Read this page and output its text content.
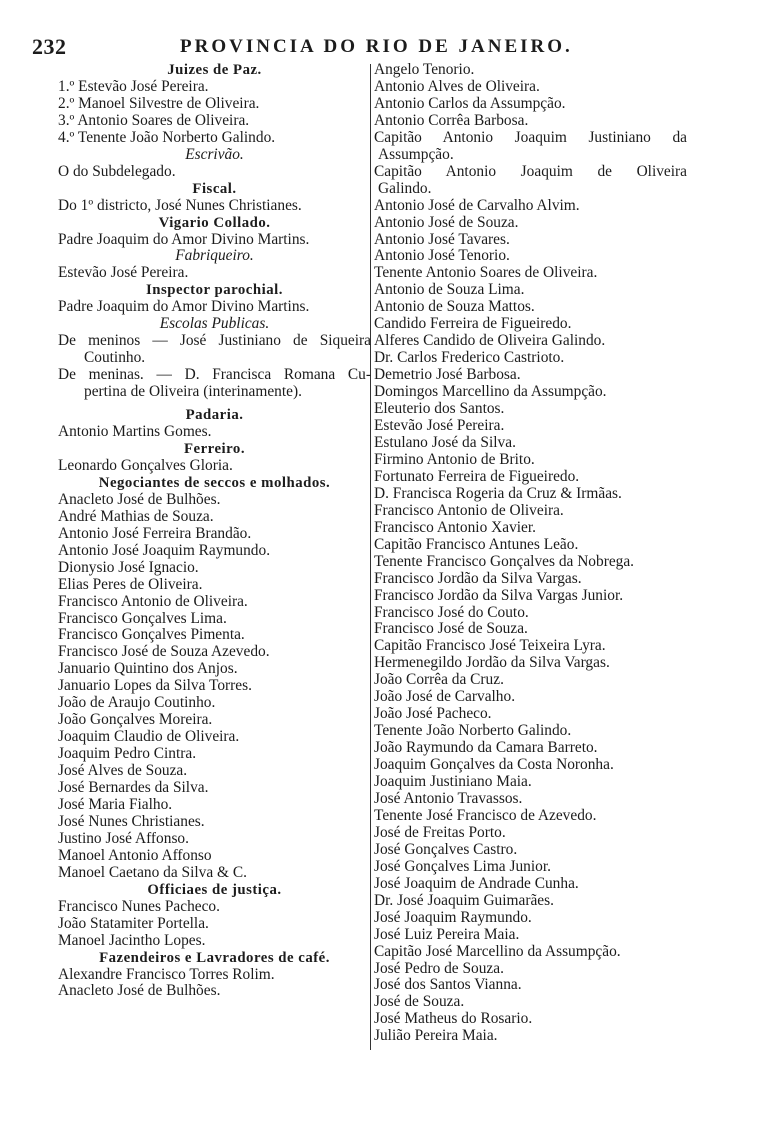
232	PROVINCIA DO RIO DE JANEIRO.
Juizes de Paz.
1.º Estevão José Pereira.
2.º Manoel Silvestre de Oliveira.
3.º Antonio Soares de Oliveira.
4.º Tenente João Norberto Galindo.
Escrivão.
O do Subdelegado.
Fiscal.
Do 1º districto, José Nunes Christianes.
Vigario Collado.
Padre Joaquim do Amor Divino Martins.
Fabriqueiro.
Estevão José Pereira.
Inspector parochial.
Padre Joaquim do Amor Divino Martins.
Escolas Publicas.
De meninos — José Justiniano de Siqueira
Coutinho.
De meninas. — D. Francisca Romana Cu-
pertina de Oliveira (interinamente).
Padaria.
Antonio Martins Gomes.
Ferreiro.
Leonardo Gonçalves Gloria.
Negociantes de seccos e molhados.
Anacleto José de Bulhões.
André Mathias de Souza.
Antonio José Ferreira Brandão.
Antonio José Joaquim Raymundo.
Dionysio José Ignacio.
Elias Peres de Oliveira.
Francisco Antonio de Oliveira.
Francisco Gonçalves Lima.
Francisco Gonçalves Pimenta.
Francisco José de Souza Azevedo.
Januario Quintino dos Anjos.
Januario Lopes da Silva Torres.
João de Araujo Coutinho.
João Gonçalves Moreira.
Joaquim Claudio de Oliveira.
Joaquim Pedro Cintra.
José Alves de Souza.
José Bernardes da Silva.
José Maria Fialho.
José Nunes Christianes.
Justino José Affonso.
Manoel Antonio Affonso
Manoel Caetano da Silva & C.
Officiaes de justiça.
Francisco Nunes Pacheco.
João Statamiter Portella.
Manoel Jacintho Lopes.
Fazendeiros e Lavradores de café.
Alexandre Francisco Torres Rolim.
Anacleto José de Bulhões.
Angelo Tenorio.
Antonio Alves de Oliveira.
Antonio Carlos da Assumpção.
Antonio Corrêa Barbosa.
Capitão Antonio Joaquim Justiniano da
Assumpção.
Capitão Antonio Joaquim de Oliveira
Galindo.
Antonio José de Carvalho Alvim.
Antonio José de Souza.
Antonio José Tavares.
Antonio José Tenorio.
Tenente Antonio Soares de Oliveira.
Antonio de Souza Lima.
Antonio de Souza Mattos.
Candido Ferreira de Figueiredo.
Alferes Candido de Oliveira Galindo.
Dr. Carlos Frederico Castrioto.
Demetrio José Barbosa.
Domingos Marcellino da Assumpção.
Eleuterio dos Santos.
Estevão José Pereira.
Estulano José da Silva.
Firmino Antonio de Brito.
Fortunato Ferreira de Figueiredo.
D. Francisca Rogeria da Cruz & Irmãas.
Francisco Antonio de Oliveira.
Francisco Antonio Xavier.
Capitão Francisco Antunes Leão.
Tenente Francisco Gonçalves da Nobrega.
Francisco Jordão da Silva Vargas.
Francisco Jordão da Silva Vargas Junior.
Francisco José do Couto.
Francisco José de Souza.
Capitão Francisco José Teixeira Lyra.
Hermenegildo Jordão da Silva Vargas.
João Corrêa da Cruz.
João José de Carvalho.
João José Pacheco.
Tenente João Norberto Galindo.
João Raymundo da Camara Barreto.
Joaquim Gonçalves da Costa Noronha.
Joaquim Justiniano Maia.
José Antonio Travassos.
Tenente José Francisco de Azevedo.
José de Freitas Porto.
José Gonçalves Castro.
José Gonçalves Lima Junior.
José Joaquim de Andrade Cunha.
Dr. José Joaquim Guimarães.
José Joaquim Raymundo.
José Luiz Pereira Maia.
Capitão José Marcellino da Assumpção.
José Pedro de Souza.
José dos Santos Vianna.
José de Souza.
José Matheus do Rosario.
Julião Pereira Maia.
